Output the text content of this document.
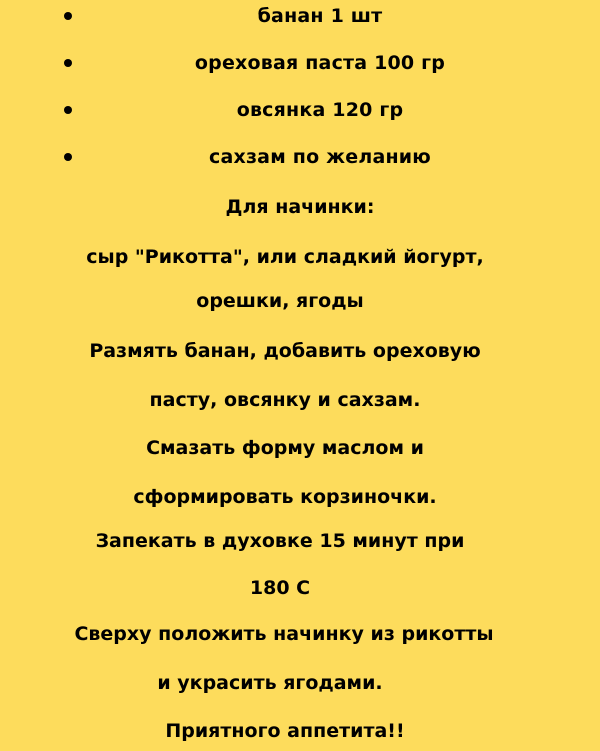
банан 1 шт
ореховая паста 100 гр
овсянка 120 гр
сахзам по желанию
Для начинки:
сыр "Рикотта", или сладкий йогурт,
орешки, ягоды
Размять банан, добавить ореховую
пасту, овсянку и сахзам.
Смазать форму маслом и
сформировать корзиночки.
Запекать в духовке 15 минут при
180 С
Сверху положить начинку из рикотты
и украсить ягодами.
Приятного аппетита!!
